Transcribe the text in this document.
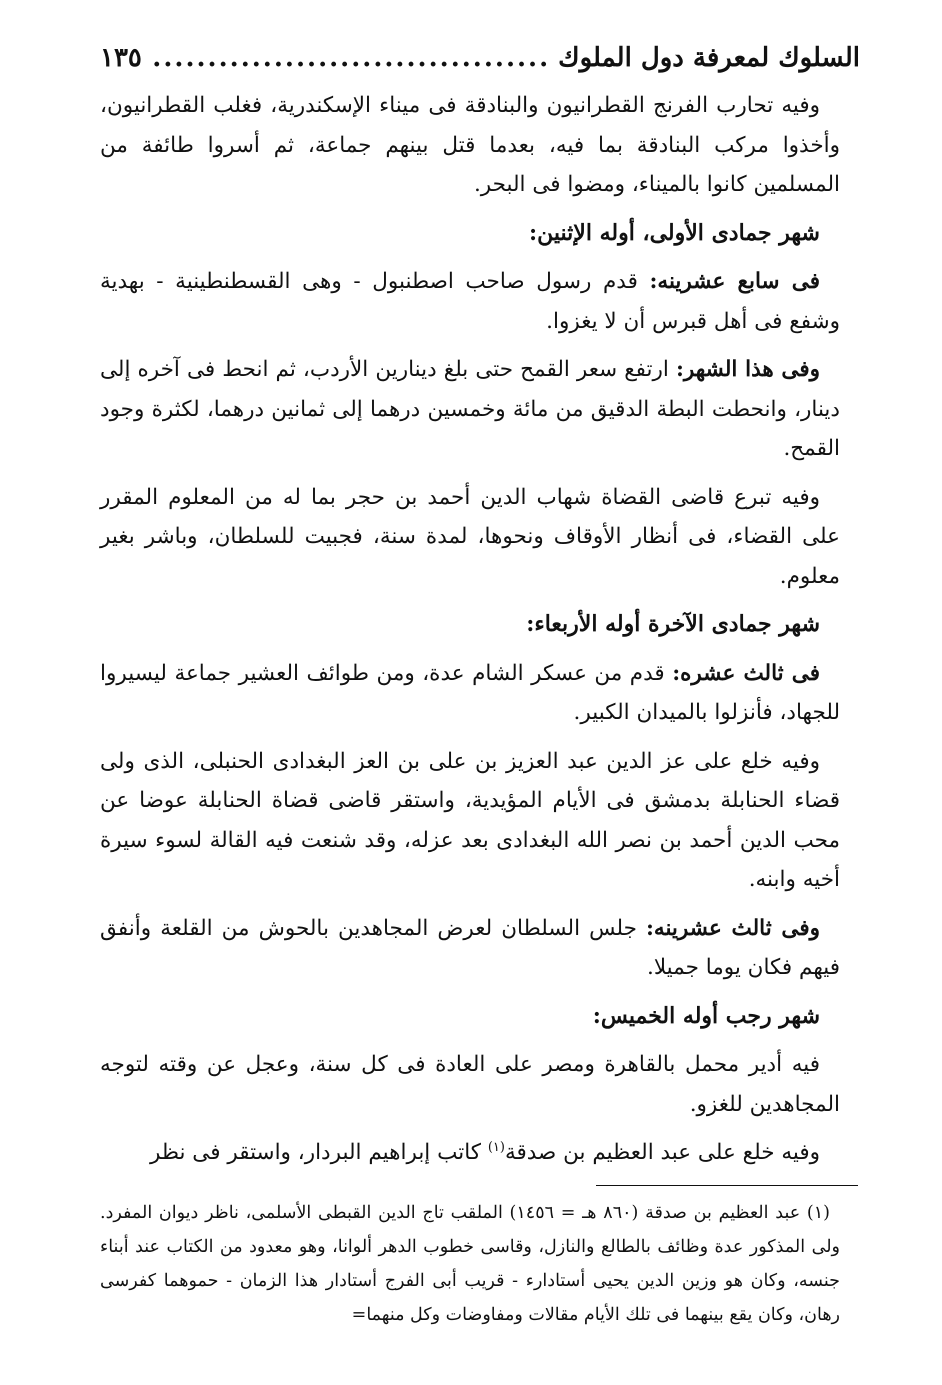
السلوك لمعرفة دول الملوك
.....
١٣٥

وفيه تحارب الفرنج القطرانيون والبنادقة فى ميناء الإسكندرية، فغلب القطرانيون، وأخذوا مركب البنادقة بما فيه، بعدما قتل بينهم جماعة، ثم أسروا طائفة من المسلمين كانوا بالميناء، ومضوا فى البحر.

شهر جمادى الأولى، أوله الإثنين:

فى سابع عشرينه: قدم رسول صاحب اصطنبول - وهى القسطنطينية - بهدية وشفع فى أهل قبرس أن لا يغزوا.

وفى هذا الشهر: ارتفع سعر القمح حتى بلغ دينارين الأردب، ثم انحط فى آخره إلى دينار، وانحطت البطة الدقيق من مائة وخمسين درهما إلى ثمانين درهما، لكثرة وجود القمح.

وفيه تبرع قاضى القضاة شهاب الدين أحمد بن حجر بما له من المعلوم المقرر على القضاء، فى أنظار الأوقاف ونحوها، لمدة سنة، فجبيت للسلطان، وباشر بغير معلوم.

شهر جمادى الآخرة أوله الأربعاء:

فى ثالث عشره: قدم من عسكر الشام عدة، ومن طوائف العشير جماعة ليسيروا للجهاد، فأنزلوا بالميدان الكبير.

وفيه خلع على عز الدين عبد العزيز بن على بن العز البغدادى الحنبلى، الذى ولى قضاء الحنابلة بدمشق فى الأيام المؤيدية، واستقر قاضى قضاة الحنابلة عوضا عن محب الدين أحمد بن نصر الله البغدادى بعد عزله، وقد شنعت فيه القالة لسوء سيرة أخيه وابنه.

وفى ثالث عشرينه: جلس السلطان لعرض المجاهدين بالحوش من القلعة وأنفق فيهم فكان يوما جميلا.

شهر رجب أوله الخميس:

فيه أدير محمل بالقاهرة ومصر على العادة فى كل سنة، وعجل عن وقته لتوجه المجاهدين للغزو.

وفيه خلع على عبد العظيم بن صدقة$^{(١)}$ كاتب إبراهيم البردار، واستقر فى نظر

(١) عبد العظيم بن صدقة (٨٦٠ هـ = ١٤٥٦) الملقب تاج الدين القبطى الأسلمى، ناظر ديوان المفرد. ولى المذكور عدة وظائف بالطالع والنازل، وقاسى خطوب الدهر ألوانا، وهو معدود من الكتاب عند أبناء جنسه، وكان هو وزين الدين يحيى أستادارء - قريب أبى الفرج أستادار هذا الزمان - حموهما كفرسى رهان، وكان يقع بينهما فى تلك الأيام مقالات ومفاوضات وكل منهما=
